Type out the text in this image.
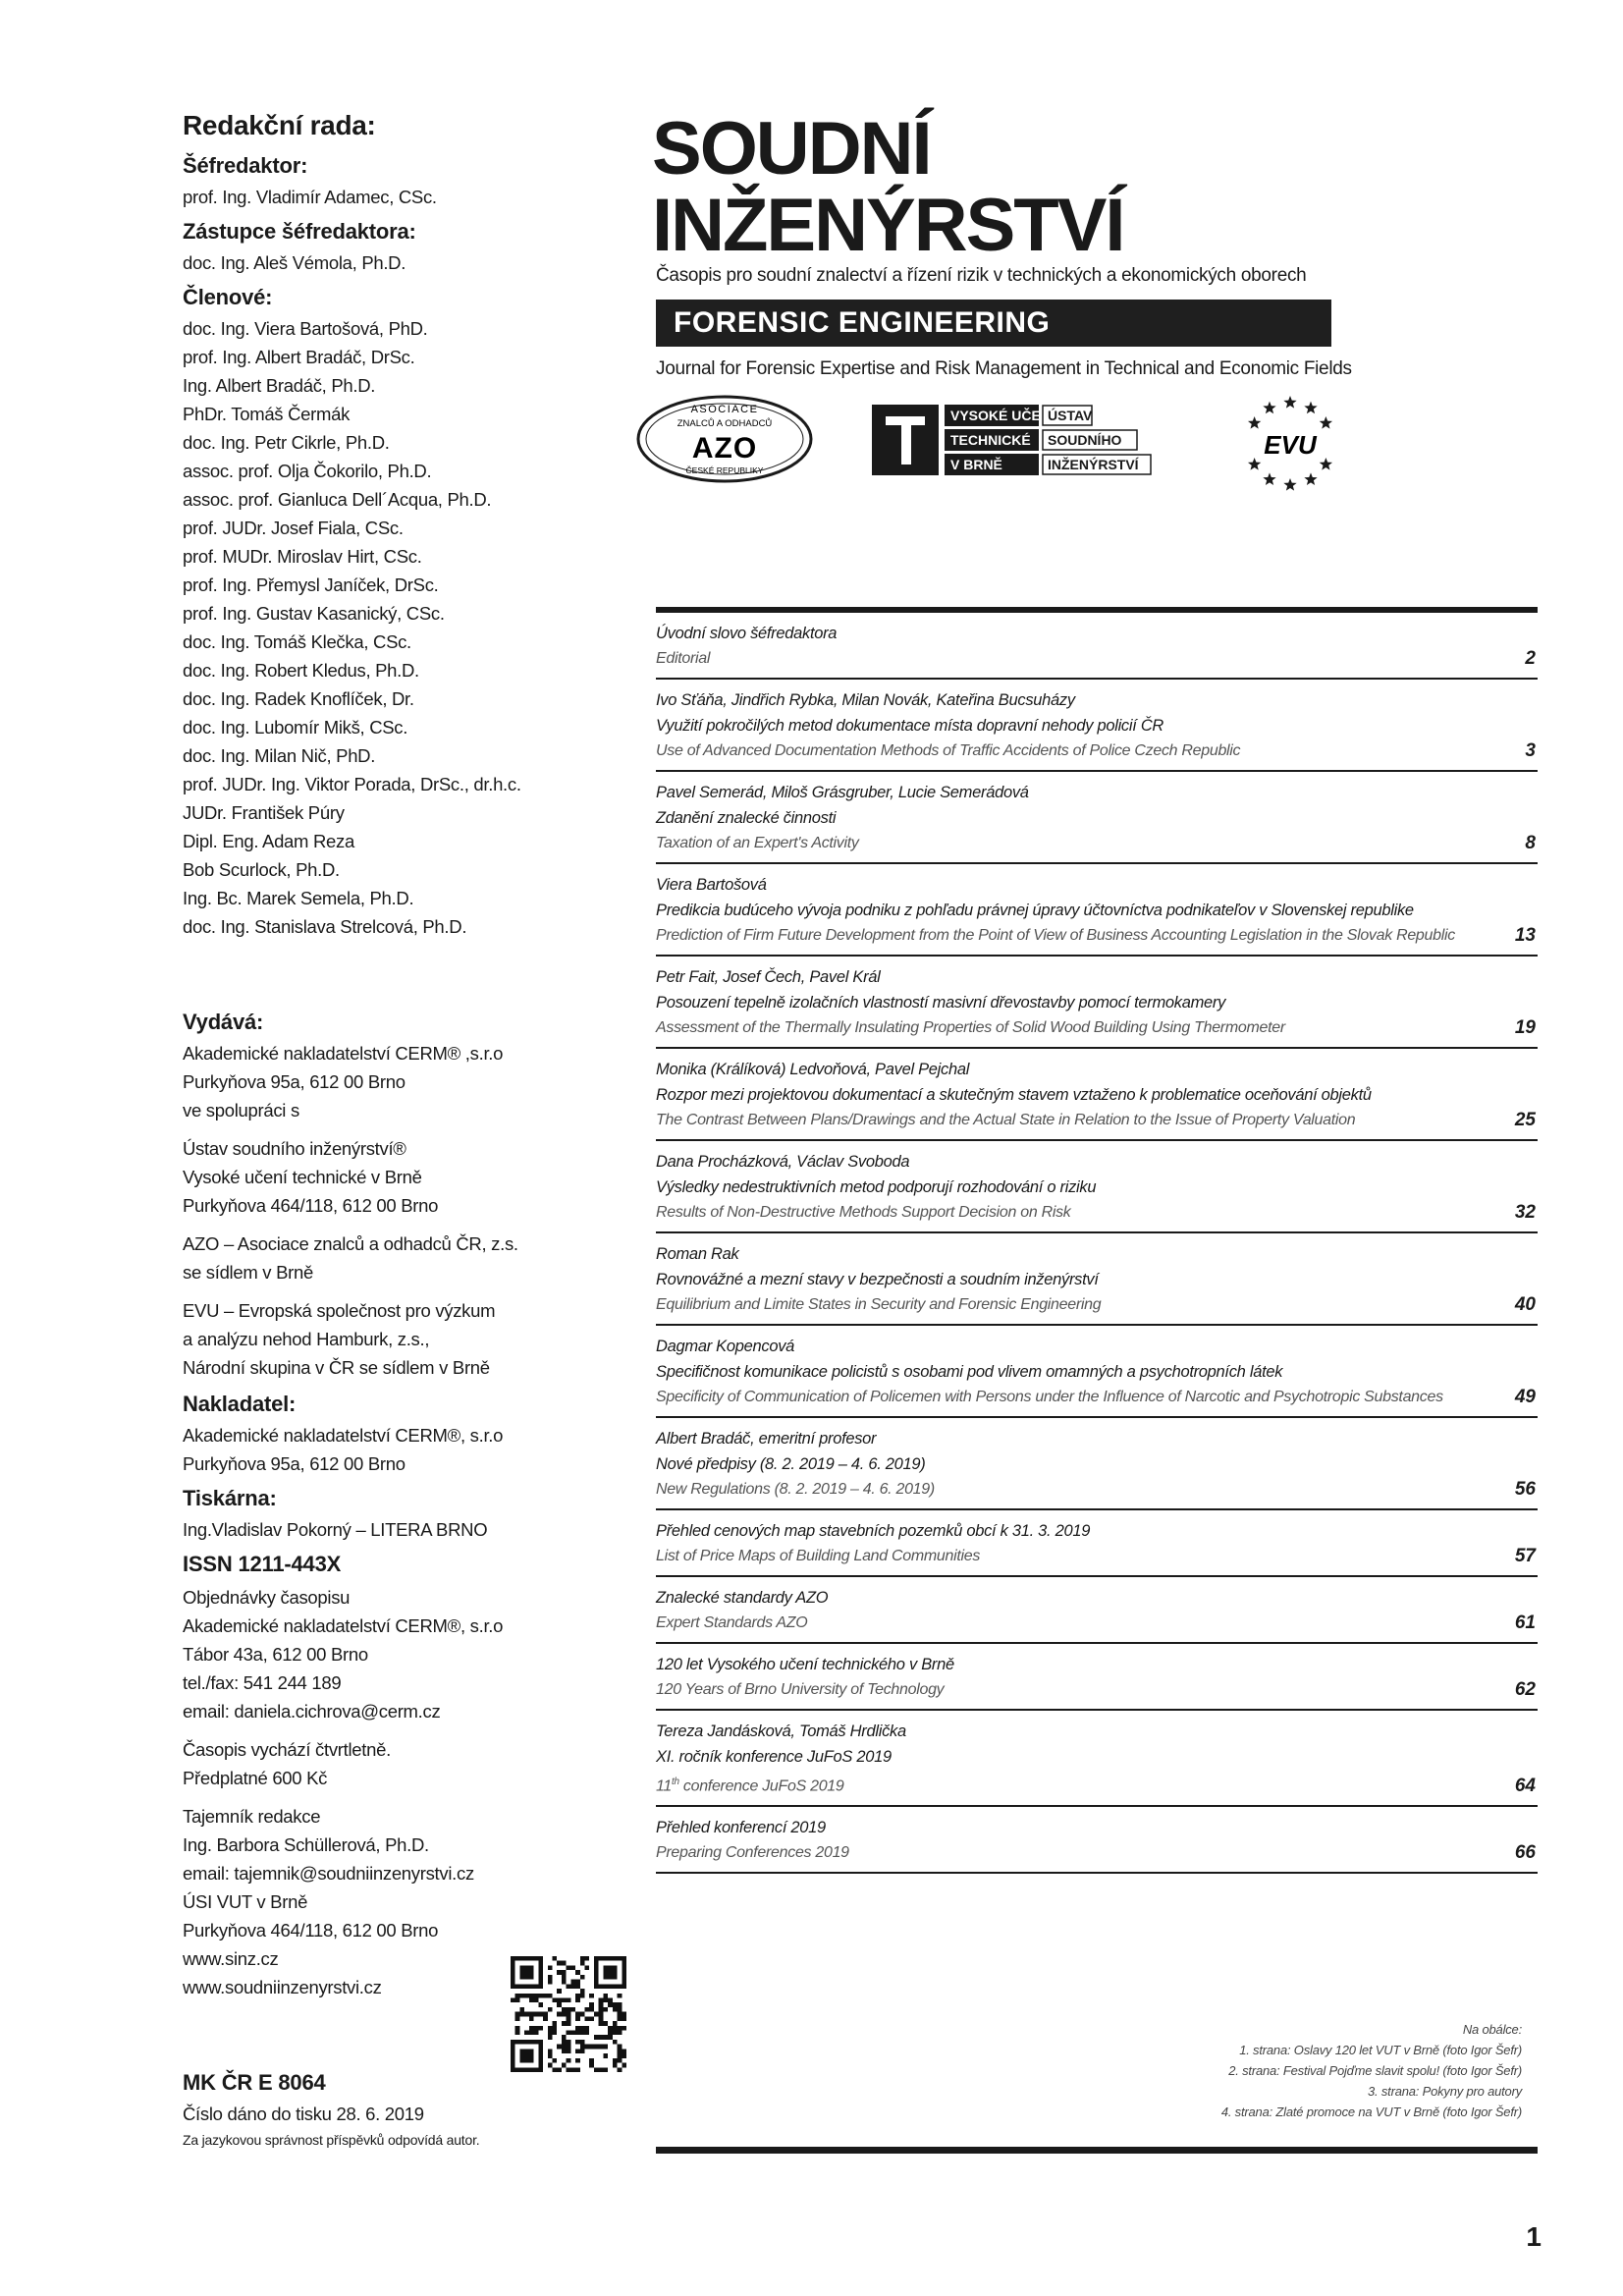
Redakční rada:
Šéfredaktor:
prof. Ing. Vladimír Adamec, CSc.
Zástupce šéfredaktora:
doc. Ing. Aleš Vémola, Ph.D.
Členové:
doc. Ing. Viera Bartošová, PhD.
prof. Ing. Albert Bradáč, DrSc.
Ing. Albert Bradáč, Ph.D.
PhDr. Tomáš Čermák
doc. Ing. Petr Cikrle, Ph.D.
assoc. prof. Olja Čokorilo, Ph.D.
assoc. prof. Gianluca Dell´Acqua, Ph.D.
prof. JUDr. Josef Fiala, CSc.
prof. MUDr. Miroslav Hirt, CSc.
prof. Ing. Přemysl Janíček, DrSc.
prof. Ing. Gustav Kasanický, CSc.
doc. Ing. Tomáš Klečka, CSc.
doc. Ing. Robert Kledus, Ph.D.
doc. Ing. Radek Knoflíček, Dr.
doc. Ing. Lubomír Mikš, CSc.
doc. Ing. Milan Nič, PhD.
prof. JUDr. Ing. Viktor Porada, DrSc., dr.h.c.
JUDr. František Púry
Dipl. Eng. Adam Reza
Bob Scurlock, Ph.D.
Ing. Bc. Marek Semela, Ph.D.
doc. Ing. Stanislava Strelcová, Ph.D.
Vydává:
Akademické nakladatelství CERM® ,s.r.o
Purkyňova 95a, 612 00 Brno
ve spolupráci s
Ústav soudního inženýrství®
Vysoké učení technické v Brně
Purkyňova 464/118, 612 00 Brno
AZO – Asociace znalců a odhadců ČR, z.s.
se sídlem v Brně
EVU – Evropská společnost pro výzkum
a analýzu nehod Hamburk, z.s.,
Národní skupina v ČR se sídlem v Brně
Nakladatel:
Akademické nakladatelství CERM®, s.r.o
Purkyňova 95a, 612 00 Brno
Tiskárna:
Ing.Vladislav Pokorný – LITERA BRNO
ISSN 1211-443X
Objednávky časopisu
Akademické nakladatelství CERM®, s.r.o
Tábor 43a, 612 00 Brno
tel./fax: 541 244 189
email: daniela.cichrova@cerm.cz
Časopis vychází čtvrtletně.
Předplatné 600 Kč
Tajemník redakce
Ing. Barbora Schüllerová, Ph.D.
email: tajemnik@soudniinzenyrstvi.cz
ÚSI VUT v Brně
Purkyňova 464/118, 612 00 Brno
www.sinz.cz
www.soudniinzenyrstvi.cz
MK ČR E 8064
Číslo dáno do tisku 28. 6. 2019
Za jazykovou správnost příspěvků odpovídá autor.
SOUDNÍ
INŽENÝRSTVÍ
Časopis pro soudní znalectví a řízení rizik v technických a ekonomických oborech
FORENSIC ENGINEERING
Journal for Forensic Expertise and Risk Management in Technical and Economic Fields
ASOCIACE
ZNALCŮ A ODHADCŮ
AZO
ČESKÉ REPUBLIKY
VYSOKÉ UČENÍ
TECHNICKÉ
V BRNĚ
ÚSTAV
SOUDNÍHO
INŽENÝRSTVÍ
EVU
Úvodní slovo šéfredaktora
Editorial	2
Ivo Sťáňa, Jindřich Rybka, Milan Novák, Kateřina Bucsuházy
Využití pokročilých metod dokumentace místa dopravní nehody policií ČR
Use of Advanced Documentation Methods of Traffic Accidents of Police Czech Republic	3
Pavel Semerád, Miloš Grásgruber, Lucie Semerádová
Zdanění znalecké činnosti
Taxation of an Expert's Activity	8
Viera Bartošová
Predikcia budúceho vývoja podniku z pohľadu právnej úpravy účtovníctva podnikateľov v Slovenskej republike
Prediction of Firm Future Development from the Point of View of Business Accounting Legislation in the Slovak Republic	13
Petr Fait, Josef Čech, Pavel Král
Posouzení tepelně izolačních vlastností masivní dřevostavby pomocí termokamery
Assessment of the Thermally Insulating Properties of Solid Wood Building Using Thermometer	19
Monika (Králíková) Ledvoňová, Pavel Pejchal
Rozpor mezi projektovou dokumentací a skutečným stavem vztaženo k problematice oceňování objektů
The Contrast Between Plans/Drawings and the Actual State in Relation to the Issue of Property Valuation	25
Dana Procházková, Václav Svoboda
Výsledky nedestruktivních metod podporují rozhodování o riziku
Results of Non-Destructive Methods Support Decision on Risk	32
Roman Rak
Rovnovážné a mezní stavy v bezpečnosti a soudním inženýrství
Equilibrium and Limite States in Security and Forensic Engineering	40
Dagmar Kopencová
Specifičnost komunikace policistů s osobami pod vlivem omamných a psychotropních látek
Specificity of Communication of Policemen with Persons under the Influence of Narcotic and Psychotropic Substances	49
Albert Bradáč, emeritní profesor
Nové předpisy (8. 2. 2019 – 4. 6. 2019)
New Regulations (8. 2. 2019 – 4. 6. 2019)	56
Přehled cenových map stavebních pozemků obcí k 31. 3. 2019
List of Price Maps of Building Land Communities	57
Znalecké standardy AZO
Expert Standards AZO	61
120 let Vysokého učení technického v Brně
120 Years of Brno University of Technology	62
Tereza Jandásková, Tomáš Hrdlička
XI. ročník konference JuFoS 2019
11th conference JuFoS 2019	64
Přehled konferencí 2019
Preparing Conferences 2019	66
Na obálce:
1. strana: Oslavy 120 let VUT v Brně (foto Igor Šefr)
2. strana: Festival Pojďme slavit spolu! (foto Igor Šefr)
3. strana: Pokyny pro autory
4. strana: Zlaté promoce na VUT v Brně (foto Igor Šefr)
1
